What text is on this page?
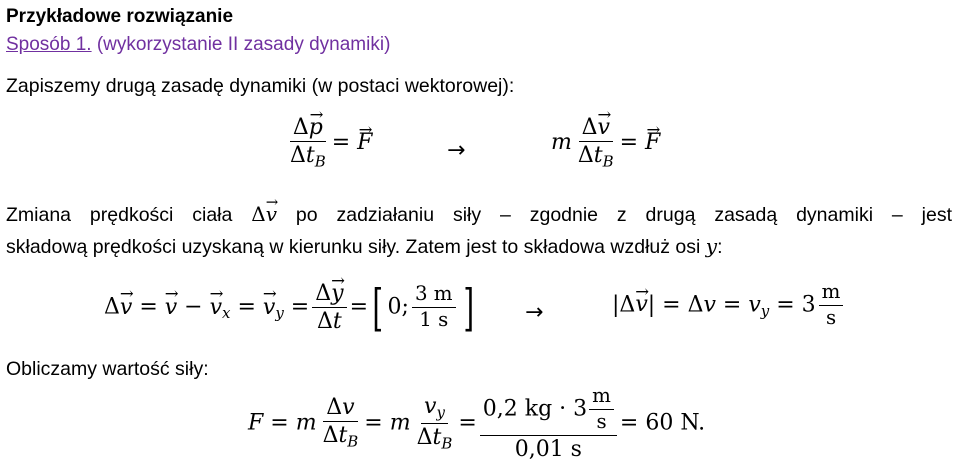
Przykładowe rozwiązanie
Sposób 1. (wykorzystanie II zasady dynamiki)
Zapiszemy drugą zasadę dynamiki (w postaci wektorowej):
$\frac{\Delta\to p}{\Delta t_B}$ = → F	→	m $\frac{\Delta\to v}{\Delta t_B}$ = → F
Zmiana prędkości ciała Δ→ v po zadziałaniu siły – zgodnie z drugą zasadą dynamiki – jest
składową prędkości uzyskaną w kierunku siły. Zatem jest to składowa wzdłuż osi y:
Δ→ v = → v − → $v_x$ = → $v_y = \frac{\Delta\to y}{\Delta t}$ =[ 0; $\frac{3 m}{1 s}$ ] →	$|\Delta\to v| = \Delta v = v_y = 3 \frac{m}{s}$
Obliczamy wartość siły:
F = m $\frac{\Delta v}{\Delta t_B} = m \frac{v_y}{\Delta t_B} = \frac{0,2 kg \cdot 3 \frac{m}{s}}{0,01 s} = 60$ N.
